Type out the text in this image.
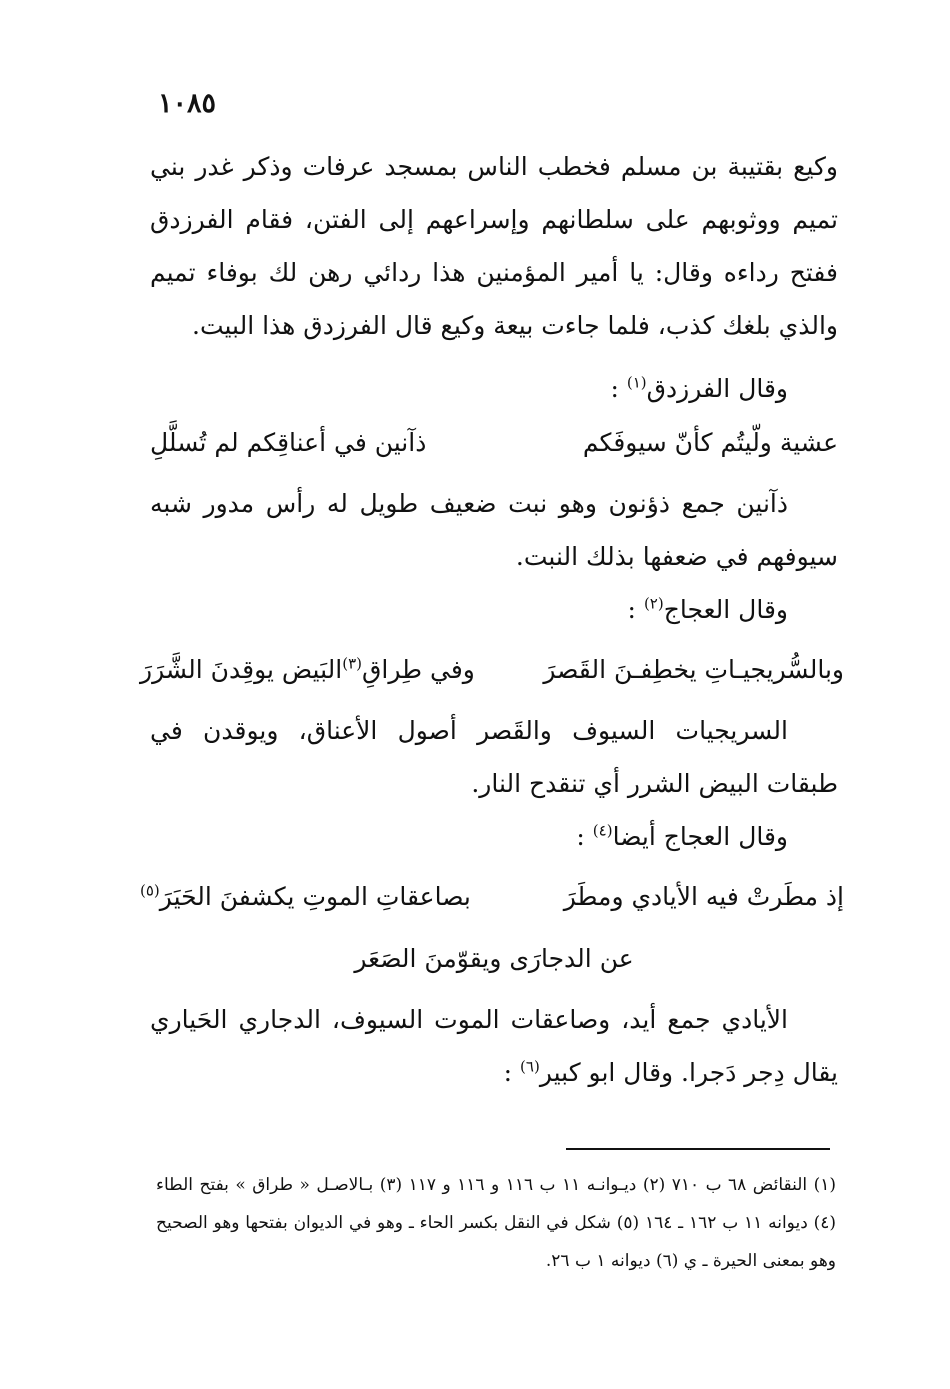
١٠٨٥

وكيع بقتيبة بن مسلم فخطب الناس بمسجد عرفات وذكر غدر بني تميم ووثوبهم على سلطانهم وإسراعهم إلى الفتن، فقام الفرزدق ففتح رداءه وقال: يا أمير المؤمنين هذا ردائي رهن لك بوفاء تميم والذي بلغك كذب، فلما جاءت بيعة وكيع قال الفرزدق هذا البيت.

وقال الفرزدق$^{(١)}$ :

عشية ولّيتُم كأنّ سيوفَكم
ذآنين في أعناقِكم لم تُسلَّلِ

ذآنين جمع ذؤنون وهو نبت ضعيف طويل له رأس مدور شبه سيوفهم في ضعفها بذلك النبت.

وقال العجاج$^{(٢)}$ :

وبالسُّريجيـاتِ يخطِفـنَ القَصرَ
وفي طِراقِ$^{(٣)}$البَيض يوقِدنَ الشَّرَرَ

السريجيات السيوف والقَصر أصول الأعناق، ويوقدن في طبقات البيض الشرر أي تنقدح النار.

وقال العجاج أيضا$^{(٤)}$ :

إذ مطَرتْ فيه الأيادي ومطَرَ
بصاعقاتِ الموتِ يكشفنَ الحَيَرَ$^{(٥)}$
عن الدجارَى ويقوّمنَ الصَعَر

الأيادي جمع أيد، وصاعقات الموت السيوف، الدجاري الحَياري يقال دِجر دَجرا. وقال ابو كبير$^{(٦)}$ :

(١) النقائض ٦٨ ب ٧١٠ (٢) ديـوانـه ١١ ب ١١٦ و ١١٦ و ١١٧ (٣) بـالاصـل « طراق » بفتح الطاء (٤) ديوانه ١١ ب ١٦٢ ـ ١٦٤ (٥) شكل في النقل بكسر الحاء ـ وهو في الديوان بفتحها وهو الصحيح وهو بمعنى الحيرة ـ ي (٦) ديوانه ١ ب ٢٦.
